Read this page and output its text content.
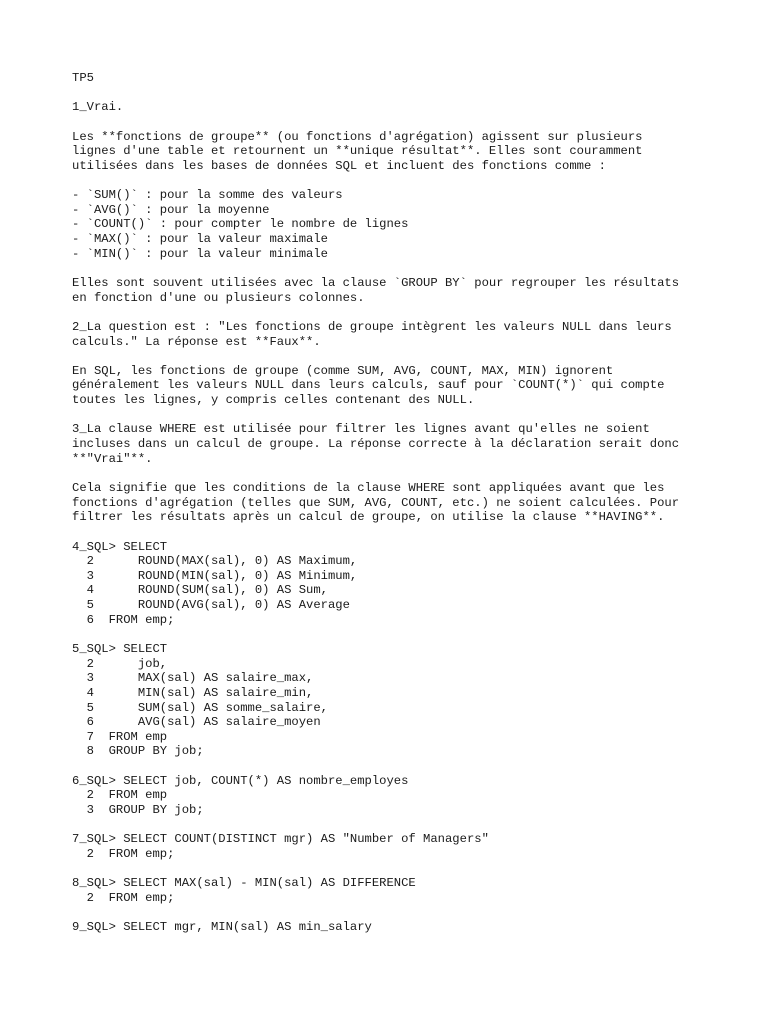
TP5
1_Vrai.
Les **fonctions de groupe** (ou fonctions d'agrégation) agissent sur plusieurs
lignes d'une table et retournent un **unique résultat**. Elles sont couramment
utilisées dans les bases de données SQL et incluent des fonctions comme :
- `SUM()` : pour la somme des valeurs
- `AVG()` : pour la moyenne
- `COUNT()` : pour compter le nombre de lignes
- `MAX()` : pour la valeur maximale
- `MIN()` : pour la valeur minimale
Elles sont souvent utilisées avec la clause `GROUP BY` pour regrouper les résultats
en fonction d'une ou plusieurs colonnes.
2_La question est : "Les fonctions de groupe intègrent les valeurs NULL dans leurs
calculs." La réponse est **Faux**.
En SQL, les fonctions de groupe (comme SUM, AVG, COUNT, MAX, MIN) ignorent
généralement les valeurs NULL dans leurs calculs, sauf pour `COUNT(*)` qui compte
toutes les lignes, y compris celles contenant des NULL.
3_La clause WHERE est utilisée pour filtrer les lignes avant qu'elles ne soient
incluses dans un calcul de groupe. La réponse correcte à la déclaration serait donc
**"Vrai"**.
Cela signifie que les conditions de la clause WHERE sont appliquées avant que les
fonctions d'agrégation (telles que SUM, AVG, COUNT, etc.) ne soient calculées. Pour
filtrer les résultats après un calcul de groupe, on utilise la clause **HAVING**.
4_SQL> SELECT
2      ROUND(MAX(sal), 0) AS Maximum,
3      ROUND(MIN(sal), 0) AS Minimum,
4      ROUND(SUM(sal), 0) AS Sum,
5      ROUND(AVG(sal), 0) AS Average
6  FROM emp;
5_SQL> SELECT
2      job,
3      MAX(sal) AS salaire_max,
4      MIN(sal) AS salaire_min,
5      SUM(sal) AS somme_salaire,
6      AVG(sal) AS salaire_moyen
7  FROM emp
8  GROUP BY job;
6_SQL> SELECT job, COUNT(*) AS nombre_employes
2  FROM emp
3  GROUP BY job;
7_SQL> SELECT COUNT(DISTINCT mgr) AS "Number of Managers"
2  FROM emp;
8_SQL> SELECT MAX(sal) - MIN(sal) AS DIFFERENCE
2  FROM emp;
9_SQL> SELECT mgr, MIN(sal) AS min_salary
